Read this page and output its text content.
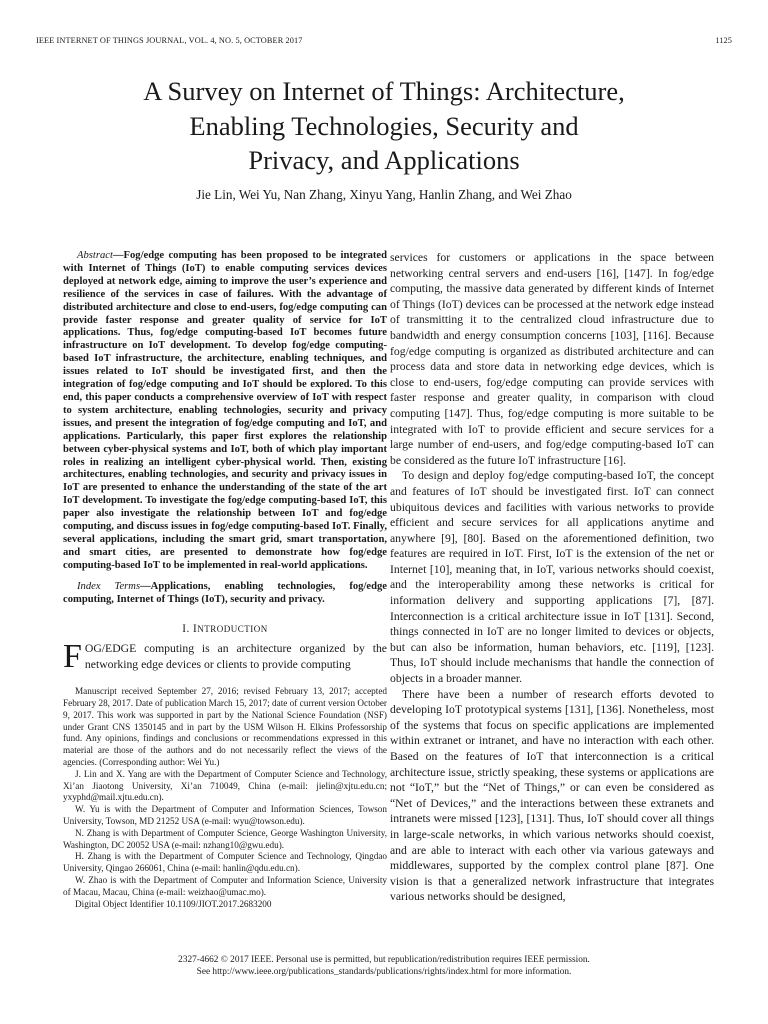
IEEE INTERNET OF THINGS JOURNAL, VOL. 4, NO. 5, OCTOBER 2017	1125
A Survey on Internet of Things: Architecture,
Enabling Technologies, Security and
Privacy, and Applications
Jie Lin, Wei Yu, Nan Zhang, Xinyu Yang, Hanlin Zhang, and Wei Zhao

Abstract—Fog/edge computing has been proposed to be integrated with Internet of Things (IoT) to enable computing services devices deployed at network edge, aiming to improve the user’s experience and resilience of the services in case of failures. With the advantage of distributed architecture and close to end-users, fog/edge computing can provide faster response and greater quality of service for IoT applications. Thus, fog/edge computing-based IoT becomes future infrastructure on IoT development. To develop fog/edge computing-based IoT infrastructure, the architecture, enabling techniques, and issues related to IoT should be investigated first, and then the integration of fog/edge computing and IoT should be explored. To this end, this paper conducts a comprehensive overview of IoT with respect to system architecture, enabling technologies, security and privacy issues, and present the integration of fog/edge computing and IoT, and applications. Particularly, this paper first explores the relationship between cyber-physical systems and IoT, both of which play important roles in realizing an intelligent cyber-physical world. Then, existing architectures, enabling technologies, and security and privacy issues in IoT are presented to enhance the understanding of the state of the art IoT development. To investigate the fog/edge computing-based IoT, this paper also investigate the relationship between IoT and fog/edge computing, and discuss issues in fog/edge computing-based IoT. Finally, several applications, including the smart grid, smart transportation, and smart cities, are presented to demonstrate how fog/edge computing-based IoT to be implemented in real-world applications.

Index Terms—Applications, enabling technologies, fog/edge computing, Internet of Things (IoT), security and privacy.

I. INTRODUCTION

FOG/EDGE computing is an architecture organized by the networking edge devices or clients to provide computing

Manuscript received September 27, 2016; revised February 13, 2017; accepted February 28, 2017. Date of publication March 15, 2017; date of current version October 9, 2017. This work was supported in part by the National Science Foundation (NSF) under Grant CNS 1350145 and in part by the USM Wilson H. Elkins Professorship fund. Any opinions, findings and conclusions or recommendations expressed in this material are those of the authors and do not necessarily reflect the views of the agencies. (Corresponding author: Wei Yu.)

J. Lin and X. Yang are with the Department of Computer Science and Technology, Xi’an Jiaotong University, Xi’an 710049, China (e-mail: jielin@xjtu.edu.cn; yxyphd@mail.xjtu.edu.cn).

W. Yu is with the Department of Computer and Information Sciences, Towson University, Towson, MD 21252 USA (e-mail: wyu@towson.edu).

N. Zhang is with Department of Computer Science, George Washington University, Washington, DC 20052 USA (e-mail: nzhang10@gwu.edu).

H. Zhang is with the Department of Computer Science and Technology, Qingdao University, Qingao 266061, China (e-mail: hanlin@qdu.edu.cn).

W. Zhao is with the Department of Computer and Information Science, University of Macau, Macau, China (e-mail: weizhao@umac.mo).

Digital Object Identifier 10.1109/JIOT.2017.2683200

services for customers or applications in the space between networking central servers and end-users [16], [147]. In fog/edge computing, the massive data generated by different kinds of Internet of Things (IoT) devices can be processed at the network edge instead of transmitting it to the centralized cloud infrastructure due to bandwidth and energy consumption concerns [103], [116]. Because fog/edge computing is organized as distributed architecture and can process data and store data in networking edge devices, which is close to end-users, fog/edge computing can provide services with faster response and greater quality, in comparison with cloud computing [147]. Thus, fog/edge computing is more suitable to be integrated with IoT to provide efficient and secure services for a large number of end-users, and fog/edge computing-based IoT can be considered as the future IoT infrastructure [16].

To design and deploy fog/edge computing-based IoT, the concept and features of IoT should be investigated first. IoT can connect ubiquitous devices and facilities with various networks to provide efficient and secure services for all applications anytime and anywhere [9], [80]. Based on the aforementioned definition, two features are required in IoT. First, IoT is the extension of the net or Internet [10], meaning that, in IoT, various networks should coexist, and the interoperability among these networks is critical for information delivery and supporting applications [7], [87]. Interconnection is a critical architecture issue in IoT [131]. Second, things connected in IoT are no longer limited to devices or objects, but can also be information, human behaviors, etc. [119], [123]. Thus, IoT should include mechanisms that handle the connection of objects in a broader manner.

There have been a number of research efforts devoted to developing IoT prototypical systems [131], [136]. Nonetheless, most of the systems that focus on specific applications are implemented within extranet or intranet, and have no interaction with each other. Based on the features of IoT that interconnection is a critical architecture issue, strictly speaking, these systems or applications are not “IoT,” but the “Net of Things,” or can even be considered as “Net of Devices,” and the interactions between these extranets and intranets were missed [123], [131]. Thus, IoT should cover all things in large-scale networks, in which various networks should coexist, and are able to interact with each other via various gateways and middlewares, supported by the complex control plane [87]. One vision is that a generalized network infrastructure that integrates various networks should be designed,

2327-4662 © 2017 IEEE. Personal use is permitted, but republication/redistribution requires IEEE permission.
See http://www.ieee.org/publications_standards/publications/rights/index.html for more information.
